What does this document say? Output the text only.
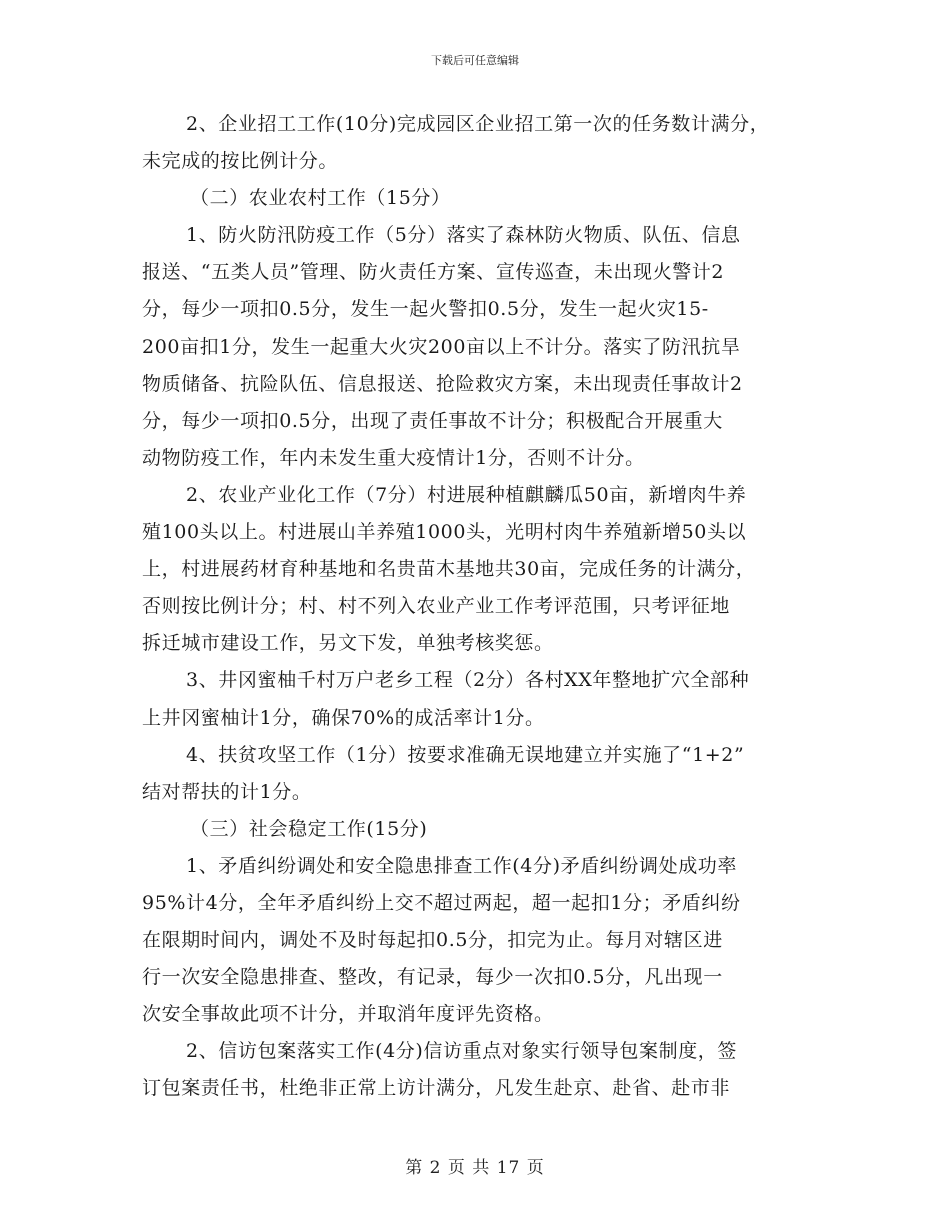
下载后可任意编辑
2、企业招工工作(10分)完成园区企业招工第一次的任务数计满分，
未完成的按比例计分。
（二）农业农村工作（15分）
1、防火防汛防疫工作（5分）落实了森林防火物质、队伍、信息
报送、“五类人员”管理、防火责任方案、宣传巡查，未出现火警计2
分，每少一项扣0.5分，发生一起火警扣0.5分，发生一起火灾15-
200亩扣1分，发生一起重大火灾200亩以上不计分。落实了防汛抗旱
物质储备、抗险队伍、信息报送、抢险救灾方案，未出现责任事故计2
分，每少一项扣0.5分，出现了责任事故不计分；积极配合开展重大
动物防疫工作，年内未发生重大疫情计1分，否则不计分。
2、农业产业化工作（7分）村进展种植麒麟瓜50亩，新增肉牛养
殖100头以上。村进展山羊养殖1000头，光明村肉牛养殖新增50头以
上，村进展药材育种基地和名贵苗木基地共30亩，完成任务的计满分，
否则按比例计分；村、村不列入农业产业工作考评范围，只考评征地
拆迁城市建设工作，另文下发，单独考核奖惩。
3、井冈蜜柚千村万户老乡工程（2分）各村XX年整地扩穴全部种
上井冈蜜柚计1分，确保70%的成活率计1分。
4、扶贫攻坚工作（1分）按要求准确无误地建立并实施了“1+2”
结对帮扶的计1分。
（三）社会稳定工作(15分)
1、矛盾纠纷调处和安全隐患排查工作(4分)矛盾纠纷调处成功率
95%计4分，全年矛盾纠纷上交不超过两起，超一起扣1分；矛盾纠纷
在限期时间内，调处不及时每起扣0.5分，扣完为止。每月对辖区进
行一次安全隐患排查、整改，有记录，每少一次扣0.5分，凡出现一
次安全事故此项不计分，并取消年度评先资格。
2、信访包案落实工作(4分)信访重点对象实行领导包案制度，签
订包案责任书，杜绝非正常上访计满分，凡发生赴京、赴省、赴市非
第 2 页 共 17 页
